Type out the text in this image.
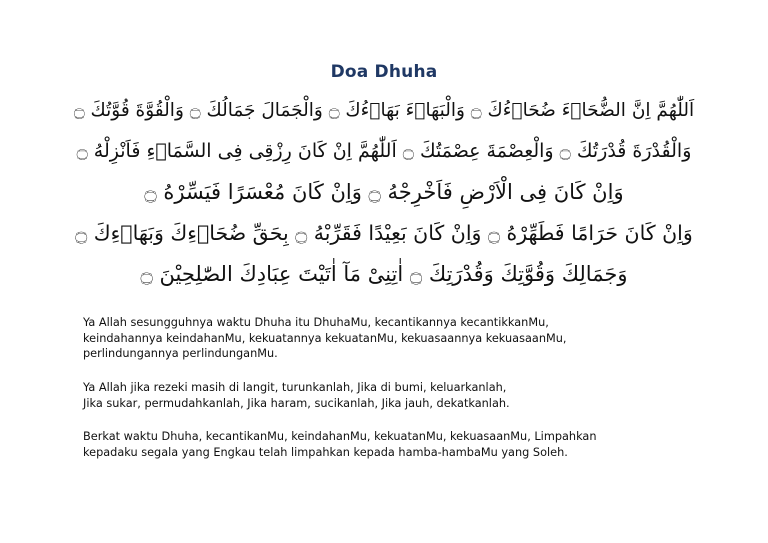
Doa Dhuha
اَللّٰهُمَّ اِنَّ الضُّحَاۤءَ ضُحَاۤءُكَ ۝ وَالْبَهَاۤءَ بَهَاۤءُكَ ۝ وَالْجَمَالَ جَمَالُكَ ۝ وَالْقُوَّةَ قُوَّتُكَ ۝
وَالْقُدْرَةَ قُدْرَتُكَ ۝ وَالْعِصْمَةَ عِصْمَتُكَ ۝ اَللّٰهُمَّ اِنْ كَانَ رِزْقِى فِى السَّمَاۤءِ فَاَنْزِلْهُ ۝
وَاِنْ كَانَ فِى الْاَرْضِ فَاَخْرِجْهُ ۝ وَاِنْ كَانَ مُعْسَرًا فَيَسِّرْهُ ۝
وَاِنْ كَانَ حَرَامًا فَطَهِّرْهُ ۝ وَاِنْ كَانَ بَعِيْدًا فَقَرِّبْهُ ۝ بِحَقِّ ضُحَاۤءِكَ وَبَهَاۤءِكَ ۝
وَجَمَالِكَ وَقُوَّتِكَ وَقُدْرَتِكَ ۝ اٰتِنِىْ مَآ اٰتَيْتَ عِبَادِكَ الصّٰلِحِيْنَ ۝
Ya Allah sesungguhnya waktu Dhuha itu DhuhaMu, kecantikannya kecantikkanMu,
keindahannya keindahanMu, kekuatannya kekuatanMu, kekuasaannya kekuasaanMu,
perlindungannya perlindunganMu.
Ya Allah jika rezeki masih di langit, turunkanlah, Jika di bumi, keluarkanlah,
Jika sukar, permudahkanlah, Jika haram, sucikanlah, Jika jauh, dekatkanlah.
Berkat waktu Dhuha, kecantikanMu, keindahanMu, kekuatanMu, kekuasaanMu, Limpahkan
kepadaku segala yang Engkau telah limpahkan kepada hamba-hambaMu yang Soleh.
